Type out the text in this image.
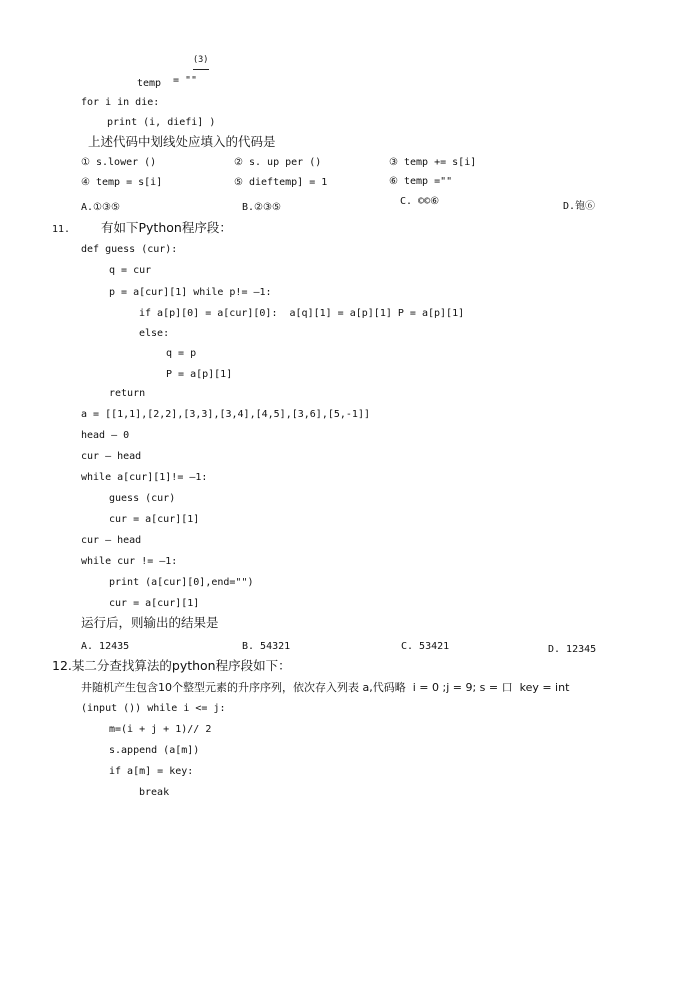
(3)
temp = ""
for i in die:
print (i, diefi] )
上述代码中划线处应填入的代码是
① s.lower ()	② s. up per ()	③ temp += s[i]
④ temp = s[i]	⑤ dieftemp] = 1	⑥ temp =""
A.①③⑤	B.②③⑤
C. ©©⑥	D.铇⑥
11. 有如下Python程序段：
def guess (cur):
q = cur
p = a[cur][1] while p!= —1:
if a[p][0] = a[cur][0]:  a[q][1] = a[p][1] P = a[p][1]
else:
q = p
P = a[p][1]
return
a = [[1,1],[2,2],[3,3],[3,4],[4,5],[3,6],[5,-1]]
head — 0
cur — head
while a[cur][1]!= —1:
guess (cur)
cur = a[cur][1]
cur — head
while cur != —1:
print (a[cur][0],end="")
cur = a[cur][1]
运行后，则输出的结果是
A. 12435	B. 54321	C. 53421	D. 12345
12.某二分查找算法的python程序段如下：
井随机产生包含10个整型元素的升序序列，依次存入列表 a,代码略  i = 0 ;j = 9; s = 口  key = int
(input ()) while i <= j:
m=(i + j + 1)// 2
s.append (a[m])
if a[m] = key:
break
